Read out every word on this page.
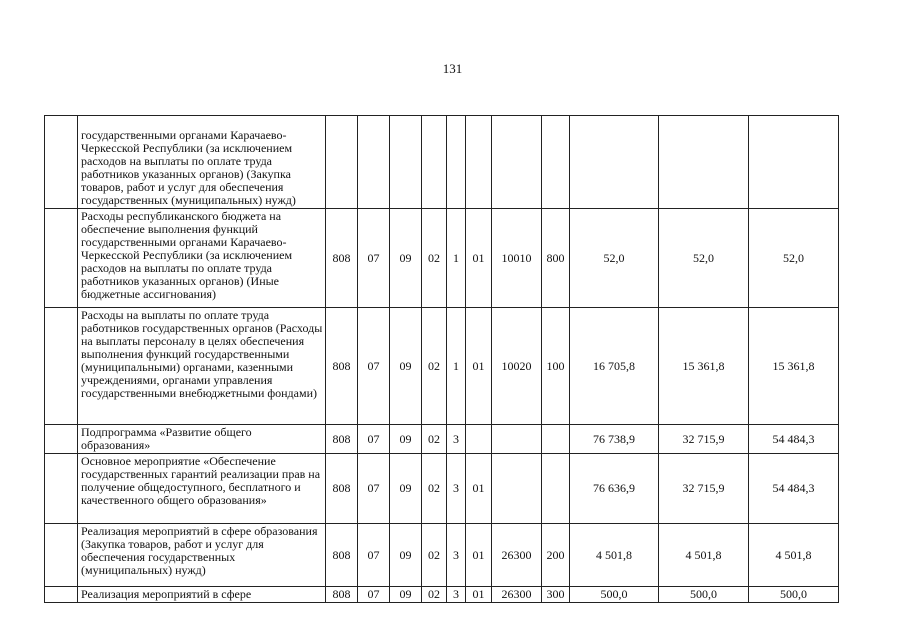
131
	государственными органами Карачаево-Черкесской Республики (за исключением расходов на выплаты по оплате труда работников указанных органов) (Закупка товаров, работ и услуг для обеспечения государственных (муниципальных) нужд)											
	Расходы республиканского бюджета на обеспечение выполнения функций государственными органами Карачаево-Черкесской Республики (за исключением расходов на выплаты по оплате труда работников указанных органов) (Иные бюджетные ассигнования)	808	07	09	02	1	01	10010	800	52,0	52,0	52,0
	Расходы на выплаты по оплате труда работников государственных органов (Расходы на выплаты персоналу в целях обеспечения выполнения функций государственными (муниципальными) органами, казенными учреждениями, органами управления государственными внебюджетными фондами)	808	07	09	02	1	01	10020	100	16 705,8	15 361,8	15 361,8
	Подпрограмма «Развитие общего образования»	808	07	09	02	3				76 738,9	32 715,9	54 484,3
	Основное мероприятие «Обеспечение государственных гарантий реализации прав на получение общедоступного, бесплатного и качественного общего образования»	808	07	09	02	3	01			76 636,9	32 715,9	54 484,3
	Реализация мероприятий в сфере образования (Закупка товаров, работ и услуг для обеспечения государственных (муниципальных) нужд)	808	07	09	02	3	01	26300	200	4 501,8	4 501,8	4 501,8
	Реализация мероприятий в сфере	808	07	09	02	3	01	26300	300	500,0	500,0	500,0
